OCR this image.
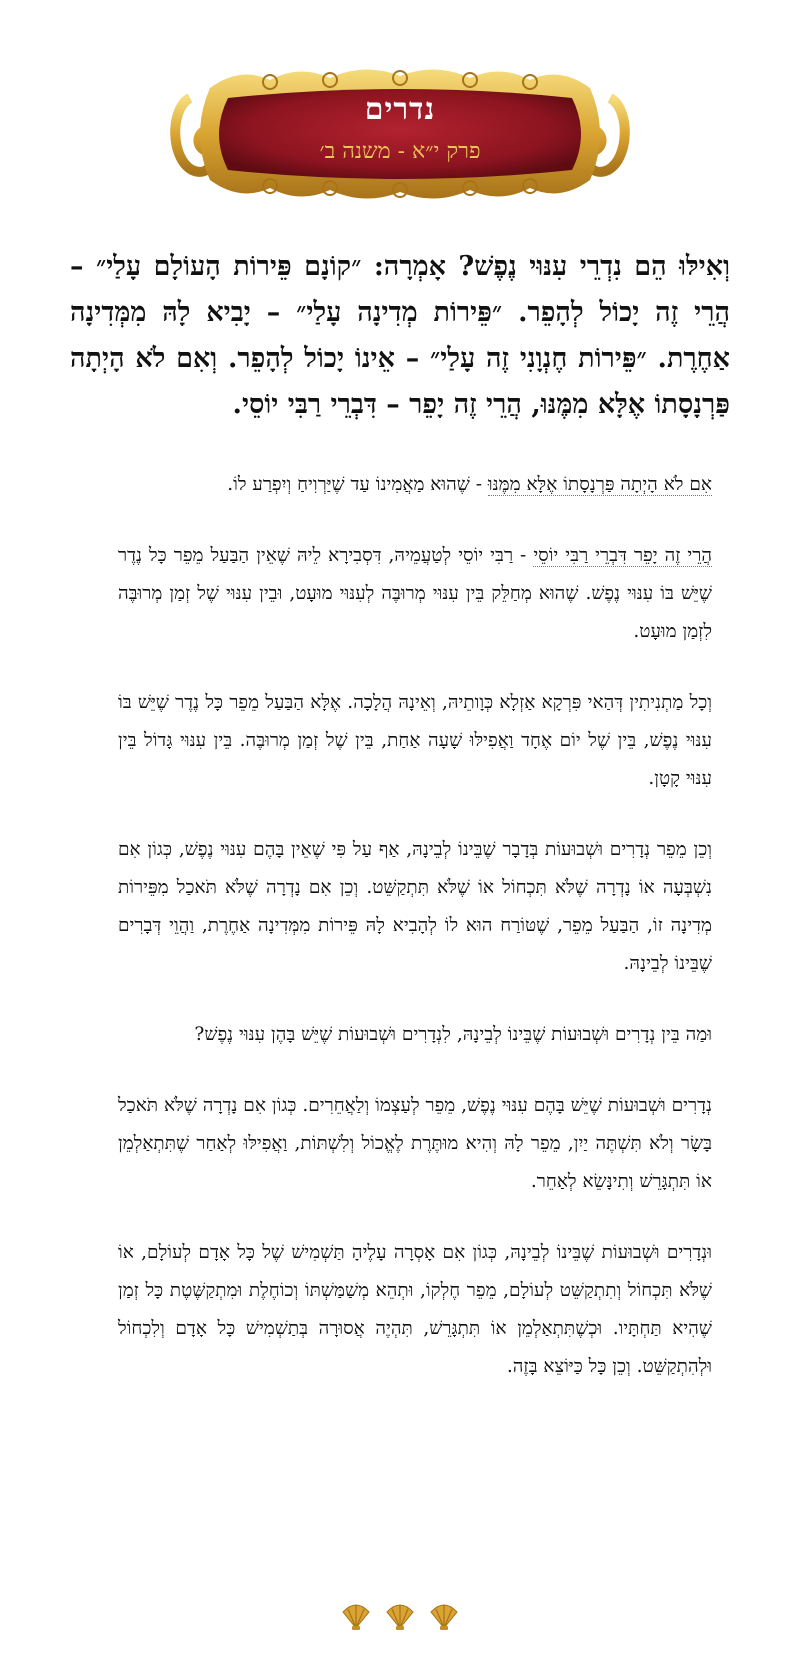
נדרים
פרק י״א - משנה ב׳
וְאִילּוּ הֵם נִדְרֵי עִנּוּי נֶפֶשׁ? אָמְרָה: ״קוֹנָם פֵּירוֹת הָעוֹלָם עָלַי״ – הֲרֵי זֶה יָכוֹל לְהָפֵר. ״פֵּירוֹת מְדִינָה עָלַי״ – יָבִיא לָהּ מִמְּדִינָה אַחֶרֶת. ״פֵּירוֹת חֶנְוָנִי זֶה עָלַי״ – אֵינוֹ יָכוֹל לְהָפֵר. וְאִם לֹא הָיְתָה פַּרְנָסָתוֹ אֶלָּא מִמֶּנּוּ, הֲרֵי זֶה יָפֵר – דִּבְרֵי רַבִּי יוֹסֵי.

אִם לֹא הָיְתָה פַּרְנָסָתוֹ אֶלָּא מִמֶּנּוּ - שֶׁהוּא מַאֲמִינוֹ עַד שֶׁיַּרְוִיחַ וְיִפְרַע לוֹ.

הֲרֵי זֶה יָפֵר דִּבְרֵי רַבִּי יוֹסֵי - רַבִּי יוֹסֵי לְטַעֲמֵיהּ, דִּסְבִירָא לֵיהּ שֶׁאֵין הַבַּעַל מֵפֵר כָּל נֶדֶר שֶׁיֵּשׁ בּוֹ עִנּוּי נֶפֶשׁ. שֶׁהוּא מְחַלֵּק בֵּין עִנּוּי מְרוּבֶּה לְעִנּוּי מוּעָט, וּבֵין עִנּוּי שֶׁל זְמַן מְרוּבֶּה לִזְמַן מוּעָט.

וְכָל מַתְנִיתִין דְּהַאי פִּרְקָא אַזְלָא כְּוָותֵיהּ, וְאֵינָהּ הֲלָכָה. אֶלָּא הַבַּעַל מֵפֵר כָּל נֶדֶר שֶׁיֵּשׁ בּוֹ עִנּוּי נֶפֶשׁ, בֵּין שֶׁל יוֹם אֶחָד וַאֲפִילּוּ שָׁעָה אַחַת, בֵּין שֶׁל זְמַן מְרוּבֶּה. בֵּין עִנּוּי גָּדוֹל בֵּין עִנּוּי קָטָן.

וְכֵן מֵפֵר נְדָרִים וּשְׁבוּעוֹת בְּדָבָר שֶׁבֵּינוֹ לְבֵינָהּ, אַף עַל פִּי שֶׁאֵין בָּהֶם עִנּוּי נֶפֶשׁ, כְּגוֹן אִם נִשְׁבְּעָה אוֹ נָדְרָה שֶׁלֹּא תִּכְחוֹל אוֹ שֶׁלֹּא תִּתְקַשֵּׁט. וְכֵן אִם נָדְרָה שֶׁלֹּא תֹּאכַל מִפֵּירוֹת מְדִינָה זוֹ, הַבַּעַל מֵפֵר, שֶׁטּוֹרַח הוּא לוֹ לְהָבִיא לָהּ פֵּירוֹת מִמְּדִינָה אַחֶרֶת, וַהֲוֵי דְּבָרִים שֶׁבֵּינוֹ לְבֵינָהּ.

וּמַה בֵּין נְדָרִים וּשְׁבוּעוֹת שֶׁבֵּינוֹ לְבֵינָהּ, לִנְדָרִים וּשְׁבוּעוֹת שֶׁיֵּשׁ בָּהֶן עִנּוּי נֶפֶשׁ?

נְדָרִים וּשְׁבוּעוֹת שֶׁיֵּשׁ בָּהֶם עִנּוּי נֶפֶשׁ, מֵפֵר לְעַצְמוֹ וְלַאֲחֵרִים. כְּגוֹן אִם נָדְרָה שֶׁלֹּא תֹּאכַל בָּשָׂר וְלֹא תִּשְׁתֶּה יַיִן, מֵפֵר לָהּ וְהִיא מוּתֶּרֶת לֶאֱכוֹל וְלִשְׁתּוֹת, וַאֲפִילּוּ לְאַחַר שֶׁתִּתְאַלְמֵן אוֹ תִּתְגָּרֵשׁ וְתִינָּשֵׂא לְאַחֵר.

וּנְדָרִים וּשְׁבוּעוֹת שֶׁבֵּינוֹ לְבֵינָהּ, כְּגוֹן אִם אָסְרָה עָלֶיהָ תַּשְׁמִישׁ שֶׁל כָּל אָדָם לְעוֹלָם, אוֹ שֶׁלֹּא תִּכְחוֹל וְתִתְקַשֵּׁט לְעוֹלָם, מֵפֵר חֶלְקוֹ, וּתְהֵא מְשַׁמַּשְׁתּוֹ וְכוֹחֶלֶת וּמִתְקַשֶּׁטֶת כָּל זְמַן שֶׁהִיא תַּחְתָּיו. וּכְשֶׁתִּתְאַלְמֵן אוֹ תִּתְגָּרֵשׁ, תִּהְיֶה אֲסוּרָה בְּתַשְׁמִישׁ כָּל אָדָם וְלִכְחוֹל וּלְהִתְקַשֵּׁט. וְכֵן כָּל כַּיּוֹצֵא בָּזֶה.
